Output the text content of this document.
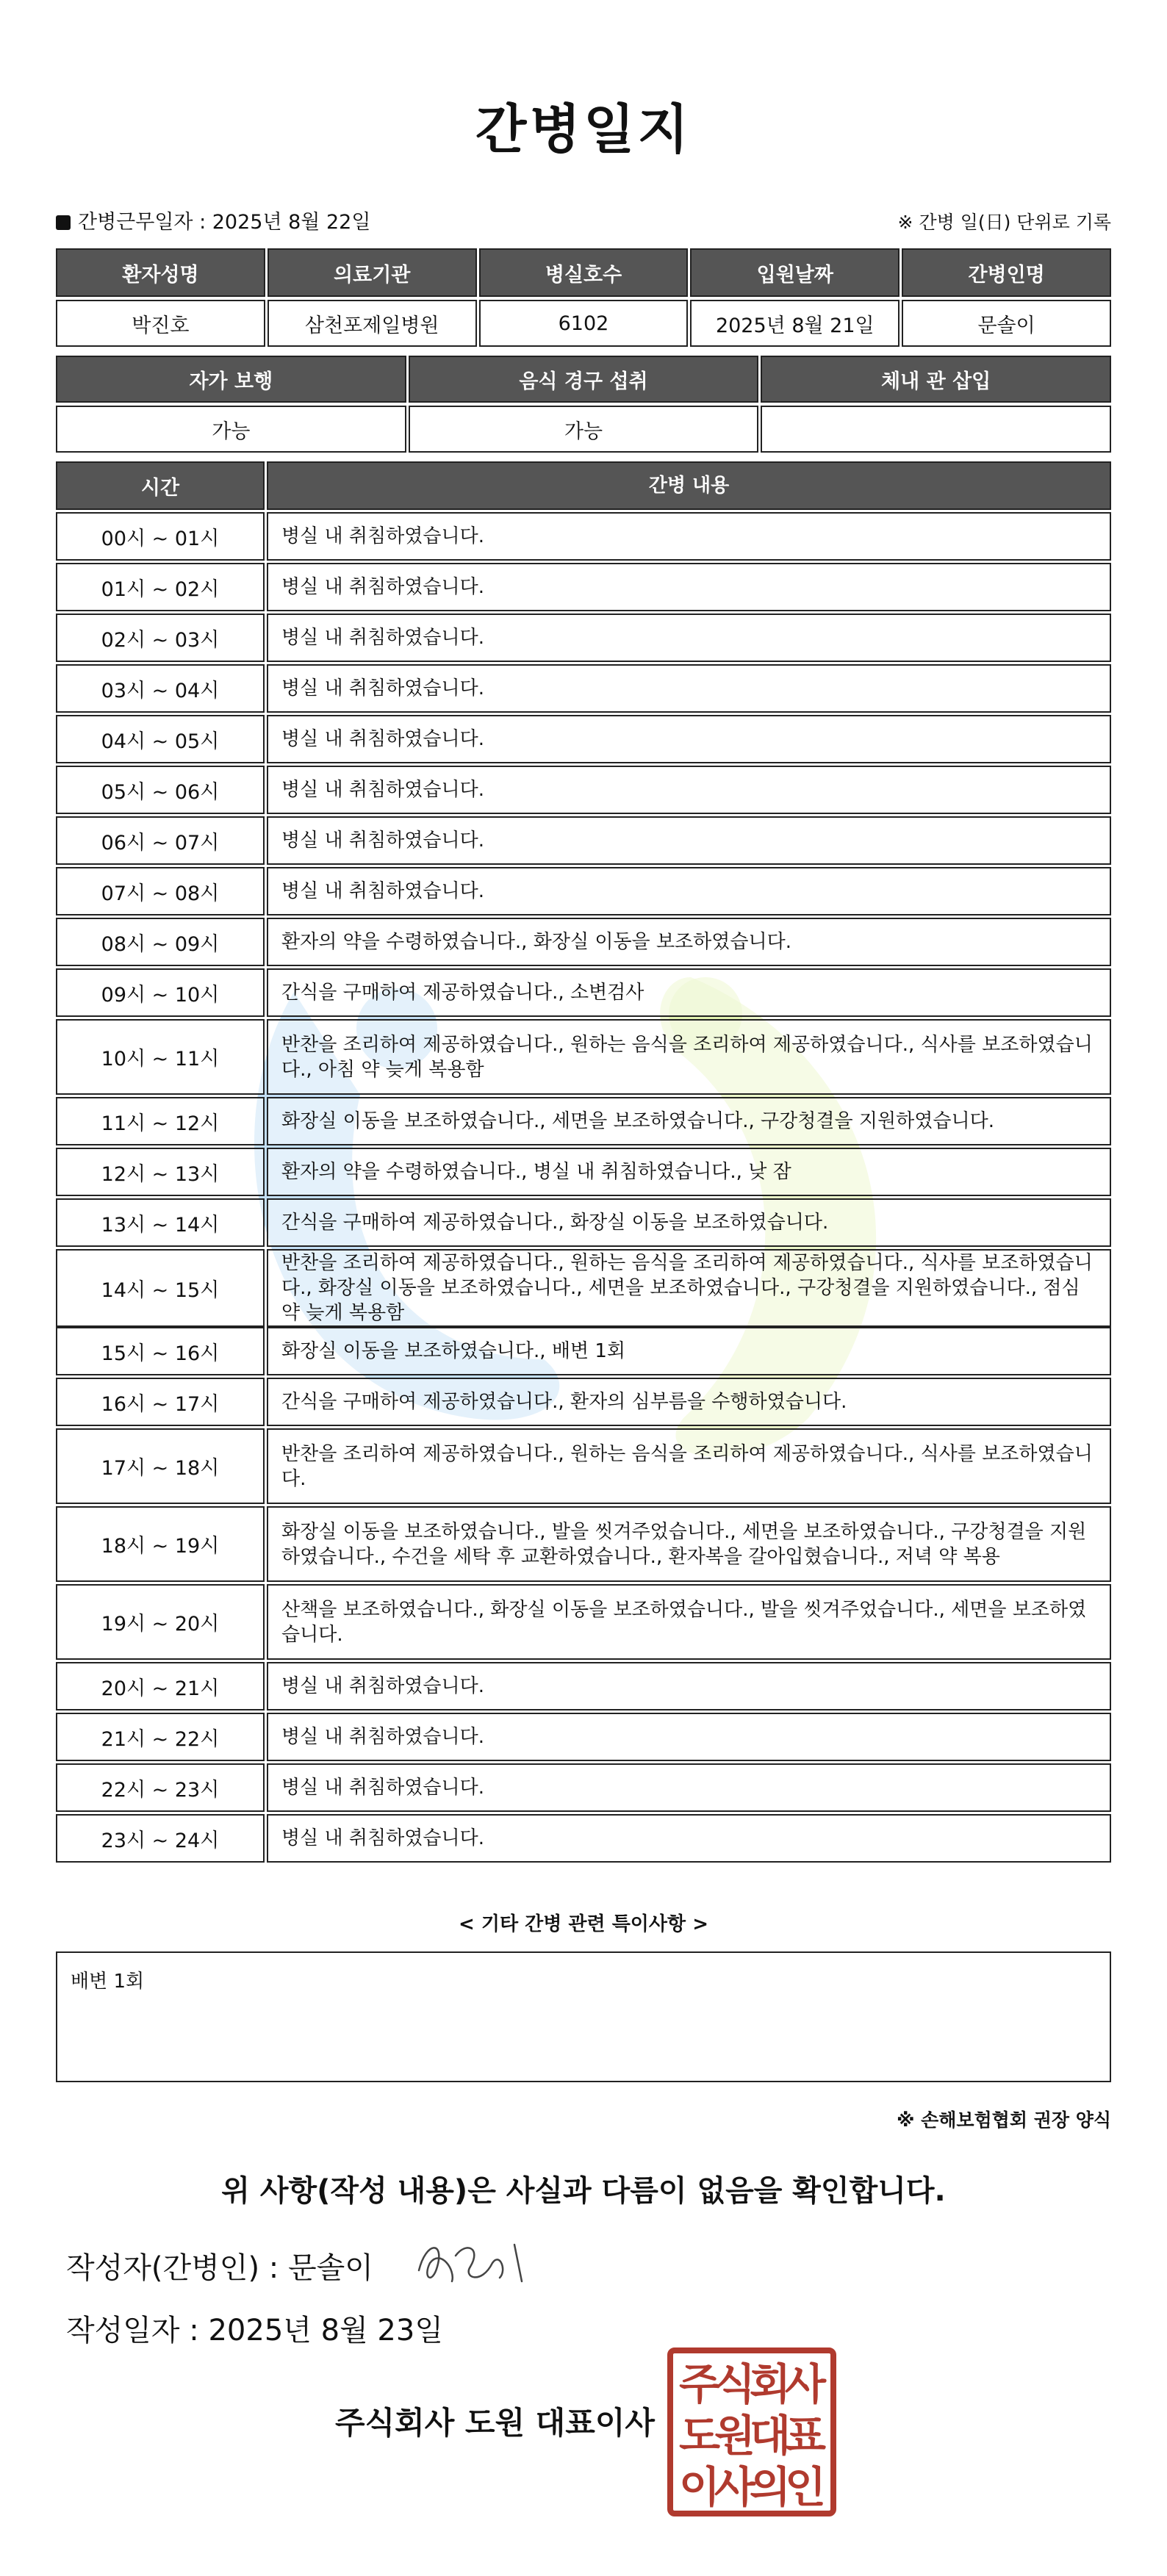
간병일지
간병근무일자 : 2025년 8월 22일	※ 간병 일(日) 단위로 기록
환자성명	의료기관	병실호수	입원날짜	간병인명
박진호	삼천포제일병원	6102	2025년 8월 21일	문솔이
자가 보행	음식 경구 섭취	체내 관 삽입
가능	가능
시간	간병 내용
00시 ~ 01시	병실 내 취침하였습니다.
01시 ~ 02시	병실 내 취침하였습니다.
02시 ~ 03시	병실 내 취침하였습니다.
03시 ~ 04시	병실 내 취침하였습니다.
04시 ~ 05시	병실 내 취침하였습니다.
05시 ~ 06시	병실 내 취침하였습니다.
06시 ~ 07시	병실 내 취침하였습니다.
07시 ~ 08시	병실 내 취침하였습니다.
08시 ~ 09시	환자의 약을 수령하였습니다., 화장실 이동을 보조하였습니다.
09시 ~ 10시	간식을 구매하여 제공하였습니다., 소변검사
10시 ~ 11시
반찬을 조리하여 제공하였습니다., 원하는 음식을 조리하여 제공하였습니다., 식사를 보조하였습니다., 아침 약 늦게 복용함
11시 ~ 12시	화장실 이동을 보조하였습니다., 세면을 보조하였습니다., 구강청결을 지원하였습니다.
12시 ~ 13시	환자의 약을 수령하였습니다., 병실 내 취침하였습니다., 낮 잠
13시 ~ 14시	간식을 구매하여 제공하였습니다., 화장실 이동을 보조하였습니다.
14시 ~ 15시
반찬을 조리하여 제공하였습니다., 원하는 음식을 조리하여 제공하였습니다., 식사를 보조하였습니다., 화장실 이동을 보조하였습니다., 세면을 보조하였습니다., 구강청결을 지원하였습니다., 점심 약 늦게 복용함
15시 ~ 16시	화장실 이동을 보조하였습니다., 배변 1회
16시 ~ 17시	간식을 구매하여 제공하였습니다., 환자의 심부름을 수행하였습니다.
17시 ~ 18시
반찬을 조리하여 제공하였습니다., 원하는 음식을 조리하여 제공하였습니다., 식사를 보조하였습니다.
18시 ~ 19시
화장실 이동을 보조하였습니다., 발을 씻겨주었습니다., 세면을 보조하였습니다., 구강청결을 지원하였습니다., 수건을 세탁 후 교환하였습니다., 환자복을 갈아입혔습니다., 저녁 약 복용
19시 ~ 20시
산책을 보조하였습니다., 화장실 이동을 보조하였습니다., 발을 씻겨주었습니다., 세면을 보조하였습니다.
20시 ~ 21시	병실 내 취침하였습니다.
21시 ~ 22시	병실 내 취침하였습니다.
22시 ~ 23시	병실 내 취침하였습니다.
23시 ~ 24시	병실 내 취침하였습니다.
< 기타 간병 관련 특이사항 >
배변 1회
※ 손해보험협회 권장 양식
위 사항(작성 내용)은 사실과 다름이 없음을 확인합니다.
작성자(간병인) : 문솔이
작성일자 : 2025년 8월 23일
주식회사 도원 대표이사
주
식
회
사
도
원
대
표
이
사
의
인
